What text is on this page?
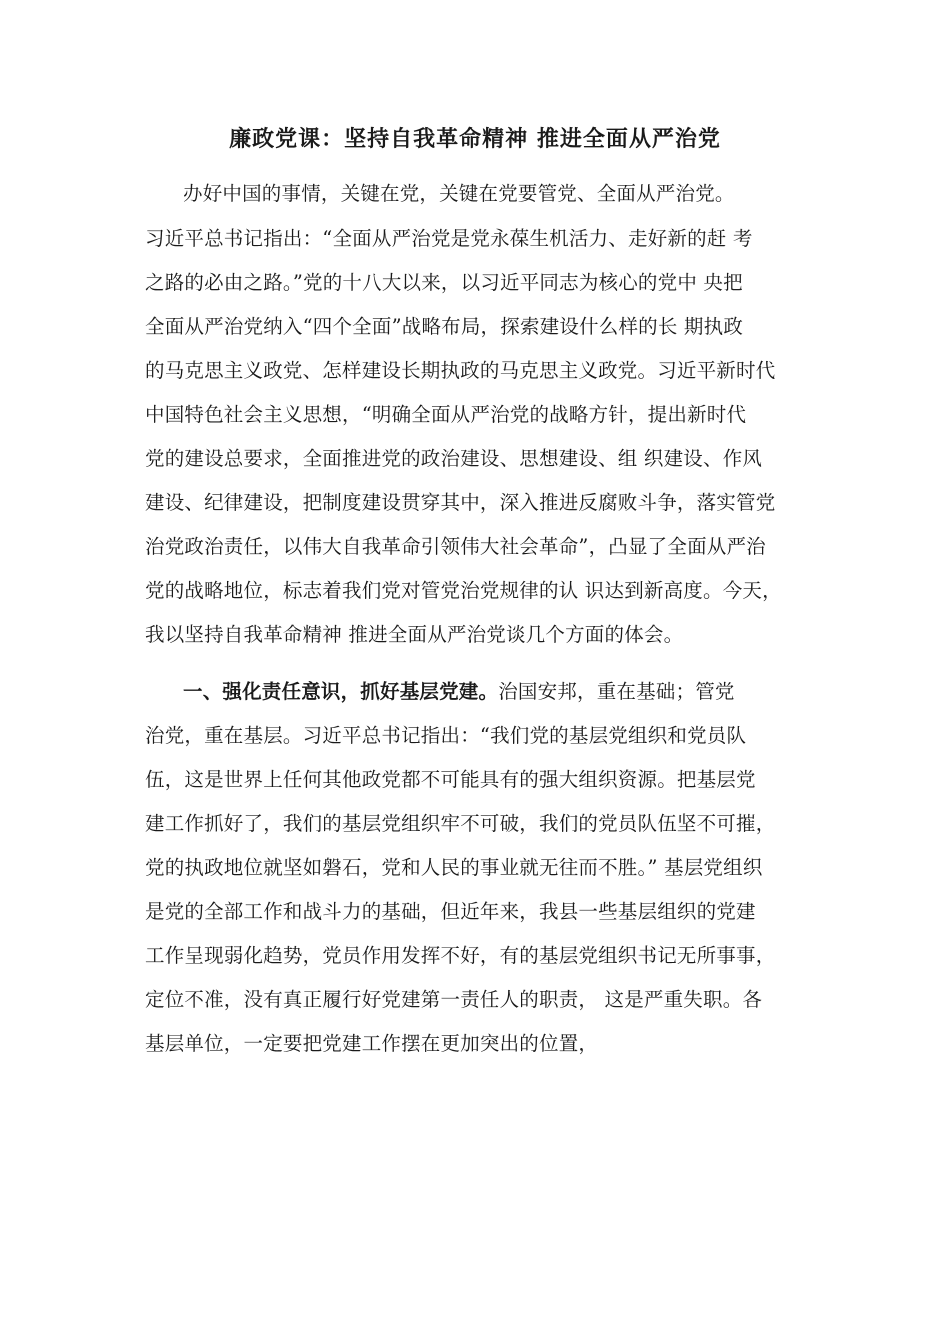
廉政党课：坚持自我革命精神 推进全面从严治党
办好中国的事情，关键在党，关键在党要管党、全面从严治党。
习近平总书记指出：“全面从严治党是党永葆生机活力、走好新的赶 考
之路的必由之路。”党的十八大以来，以习近平同志为核心的党中 央把
全面从严治党纳入“四个全面”战略布局，探索建设什么样的长 期执政
的马克思主义政党、怎样建设长期执政的马克思主义政党。习近平新时代
中国特色社会主义思想，“明确全面从严治党的战略方针，提出新时代
党的建设总要求，全面推进党的政治建设、思想建设、组 织建设、作风
建设、纪律建设，把制度建设贯穿其中，深入推进反腐败斗争，落实管党
治党政治责任，以伟大自我革命引领伟大社会革命”，凸显了全面从严治
党的战略地位，标志着我们党对管党治党规律的认 识达到新高度。今天，
我以坚持自我革命精神 推进全面从严治党谈几个方面的体会。
一、强化责任意识，抓好基层党建。治国安邦，重在基础；管党
治党，重在基层。习近平总书记指出：“我们党的基层党组织和党员队
伍，这是世界上任何其他政党都不可能具有的强大组织资源。把基层党
建工作抓好了，我们的基层党组织牢不可破，我们的党员队伍坚不可摧，
党的执政地位就坚如磐石，党和人民的事业就无往而不胜。” 基层党组织
是党的全部工作和战斗力的基础，但近年来，我县一些基层组织的党建
工作呈现弱化趋势，党员作用发挥不好，有的基层党组织书记无所事事，
定位不准，没有真正履行好党建第一责任人的职责， 这是严重失职。各
基层单位，一定要把党建工作摆在更加突出的位置，
